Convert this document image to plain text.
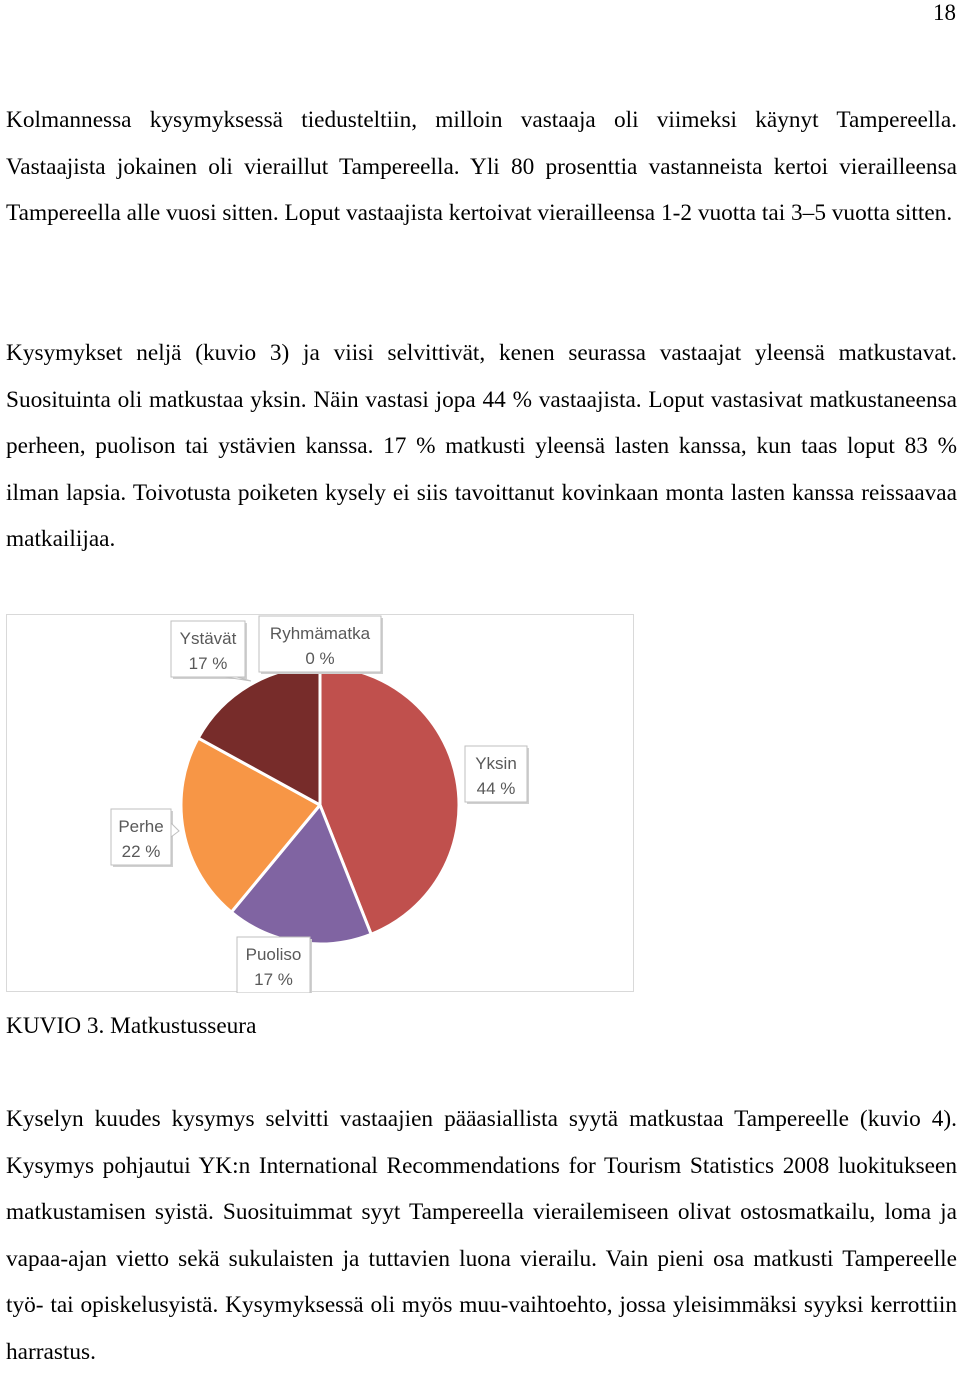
18

Kolmannessa kysymyksessä tiedusteltiin, milloin vastaaja oli viimeksi käynyt Tampereella. Vastaajista jokainen oli vieraillut Tampereella. Yli 80 prosenttia vastanneista kertoi vierailleensa Tampereella alle vuosi sitten. Loput vastaajista kertoivat vierailleensa 1-2 vuotta tai 3–5 vuotta sitten.

Kysymykset neljä (kuvio 3) ja viisi selvittivät, kenen seurassa vastaajat yleensä matkustavat. Suosituinta oli matkustaa yksin. Näin vastasi jopa 44 % vastaajista. Loput vastasivat matkustaneensa perheen, puolison tai ystävien kanssa. 17 % matkusti yleensä lasten kanssa, kun taas loput 83 % ilman lapsia. Toivotusta poiketen kysely ei siis tavoittanut kovinkaan monta lasten kanssa reissaavaa matkailijaa.

Yksin
44 %
Puoliso
17 %
Perhe
22 %
Ystävät
17 %
Ryhmämatka
0 %
KUVIO 3. Matkustusseura

Kyselyn kuudes kysymys selvitti vastaajien pääasiallista syytä matkustaa Tampereelle (kuvio 4). Kysymys pohjautui YK:n International Recommendations for Tourism Statistics 2008 luokitukseen matkustamisen syistä. Suosituimmat syyt Tampereella vierailemiseen olivat ostosmatkailu, loma ja vapaa-ajan vietto sekä sukulaisten ja tuttavien luona vierailu. Vain pieni osa matkusti Tampereelle työ- tai opiskelusyistä. Kysymyksessä oli myös muu-vaihtoehto, jossa yleisimmäksi syyksi kerrottiin harrastus.
